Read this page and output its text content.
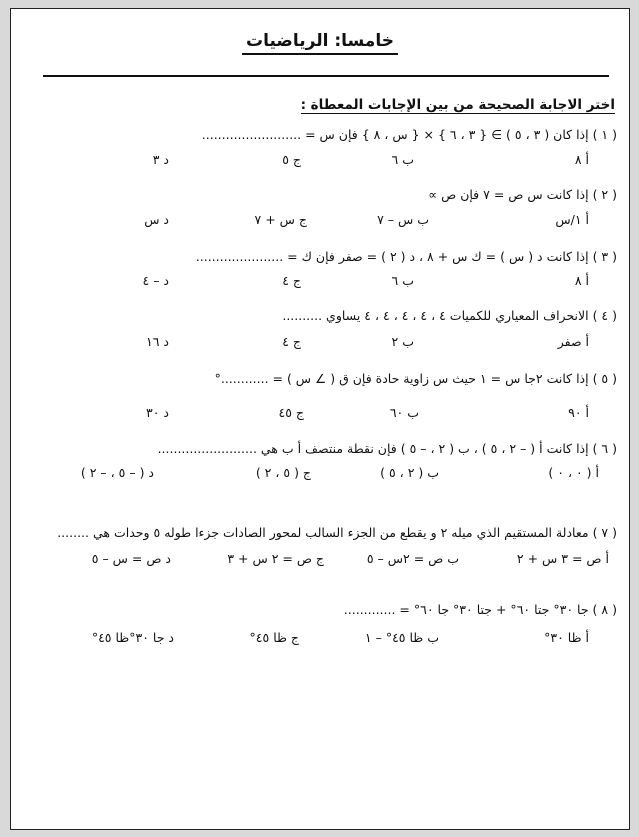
خامسا: الرياضيات
اختر الاجابة الصحيحة من بين الإجابات المعطاة :
( ١ ) إذا كان ( ٣ ، ٥ ) ∋ { ٣ ، ٦ } × { س ، ٨ } فإن س = .........................
أ ٨
ب ٦
ج ٥
د ٣
( ٢ ) إذا كانت س ص = ٧ فإن ص ∝
أ ١/س
ب س – ٧
ج س + ٧
د س
( ٣ ) إذا كانت د ( س ) = ك س + ٨ ، د ( ٢ ) = صفر فإن ك = ......................
أ ٨
ب ٦
ج ٤
د – ٤
( ٤ ) الانحراف المعياري للكميات ٤ ، ٤ ، ٤ ، ٤ ، ٤ يساوي ..........
أ صفر
ب ٢
ج ٤
د ١٦
( ٥ ) إذا كانت ٢جا س = ١ حيث س زاوية حادة فإن ق ( ∠ س ) = ............°
أ ٩٠
ب ٦٠
ج ٤٥
د ٣٠
( ٦ ) إذا كانت أ ( – ٢ ، ٥ ) ، ب ( ٢ ، – ٥ ) فإن نقطة منتصف أ ب هي .........................
أ ( ٠ ، ٠ )
ب ( ٢ ، ٥ )
ج ( ٥ ، ٢ )
د ( – ٥ ، – ٢ )
( ٧ ) معادلة المستقيم الذي ميله ٢ و يقطع من الجزء السالب لمحور الصادات جزءا طوله ٥ وحدات هي ........
أ ص = ٣ س + ٢
ب ص = ٢س – ٥
ج ص = ٢ س + ٣
د ص = س – ٥
( ٨ ) جا ٣٠° جتا ٦٠° + جتا ٣٠° جا ٦٠° = .............
أ ظا ٣٠°
ب ظا ٤٥° – ١
ج ظا ٤٥°
د جا ٣٠°ظا ٤٥°
